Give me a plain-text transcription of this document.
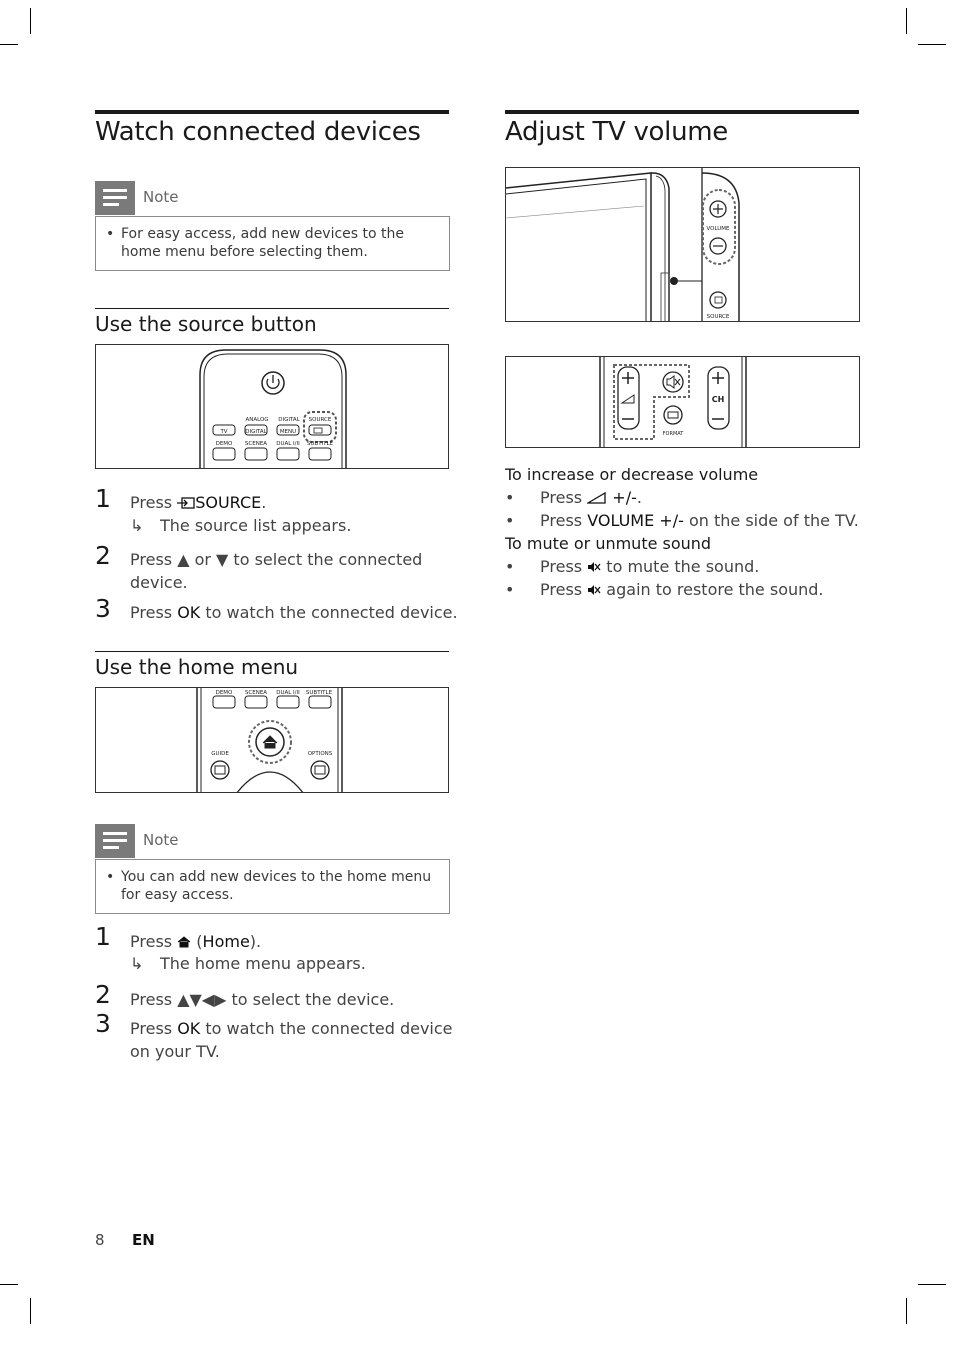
Watch connected devices
Note
• For easy access, add new devices to the home menu before selecting them.
Use the source button
ANALOG DIGITAL SOURCE
TV	DIGITAL MENU
DEMO SCENEA DUAL I/II SUBTITLE
1 Press SOURCE.
↳ The source list appears.
2 Press ▲ or ▼ to select the connected
device.
3 Press OK to watch the connected device.
Use the home menu
DEMO SCENEA DUAL I/II SUBTITLE
GUIDE	OPTIONS
Note
• You can add new devices to the home menu for easy access.
1 Press (Home).
↳ The home menu appears.
2 Press ▲▼◀▶ to select the device.
3 Press OK to watch the connected device
on your TV.
Adjust TV volume
VOLUME
SOURCE
FORMAT
CH
To increase or decrease volume
• Press +/-.
• Press VOLUME +/- on the side of the TV.
To mute or unmute sound
• Press to mute the sound.
• Press again to restore the sound.
8 EN
